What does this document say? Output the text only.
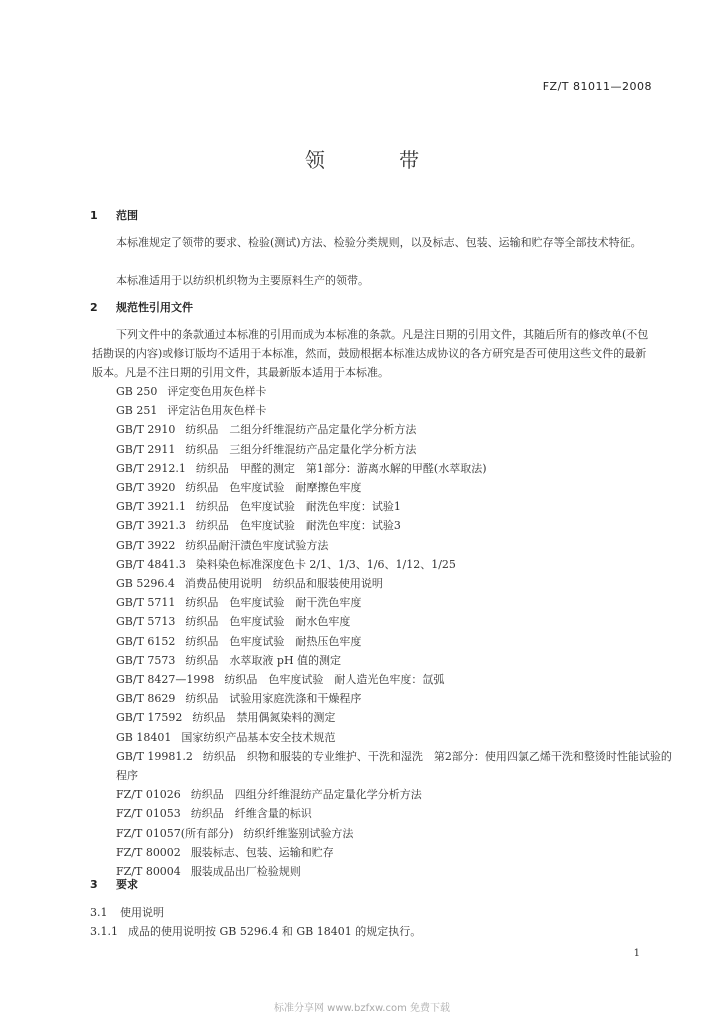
FZ/T 81011—2008
领 带
1 范围
本标准规定了领带的要求、检验(测试)方法、检验分类规则，以及标志、包装、运输和贮存等全部技术特征。
本标准适用于以纺织机织物为主要原料生产的领带。
2 规范性引用文件
下列文件中的条款通过本标准的引用而成为本标准的条款。凡是注日期的引用文件，其随后所有的修改单(不包括勘误的内容)或修订版均不适用于本标准，然而，鼓励根据本标准达成协议的各方研究是否可使用这些文件的最新版本。凡是不注日期的引用文件，其最新版本适用于本标准。
GB 250 评定变色用灰色样卡
GB 251 评定沾色用灰色样卡
GB/T 2910 纺织品　二组分纤维混纺产品定量化学分析方法
GB/T 2911 纺织品　三组分纤维混纺产品定量化学分析方法
GB/T 2912.1 纺织品　甲醛的测定　第1部分：游离水解的甲醛(水萃取法)
GB/T 3920 纺织品　色牢度试验　耐摩擦色牢度
GB/T 3921.1 纺织品　色牢度试验　耐洗色牢度：试验1
GB/T 3921.3 纺织品　色牢度试验　耐洗色牢度：试验3
GB/T 3922 纺织品耐汗渍色牢度试验方法
GB/T 4841.3 染料染色标准深度色卡 2/1、1/3、1/6、1/12、1/25
GB 5296.4 消费品使用说明　纺织品和服装使用说明
GB/T 5711 纺织品　色牢度试验　耐干洗色牢度
GB/T 5713 纺织品　色牢度试验　耐水色牢度
GB/T 6152 纺织品　色牢度试验　耐热压色牢度
GB/T 7573 纺织品　水萃取液 pH 值的测定
GB/T 8427—1998 纺织品　色牢度试验　耐人造光色牢度：氙弧
GB/T 8629 纺织品　试验用家庭洗涤和干燥程序
GB/T 17592 纺织品　禁用偶氮染料的测定
GB 18401 国家纺织产品基本安全技术规范
GB/T 19981.2 纺织品　织物和服装的专业维护、干洗和湿洗　第2部分：使用四氯乙烯干洗和整烫时性能试验的程序
FZ/T 01026 纺织品　四组分纤维混纺产品定量化学分析方法
FZ/T 01053 纺织品　纤维含量的标识
FZ/T 01057(所有部分) 纺织纤维鉴别试验方法
FZ/T 80002 服装标志、包装、运输和贮存
FZ/T 80004 服装成品出厂检验规则
3 要求
3.1 使用说明
3.1.1 成品的使用说明按 GB 5296.4 和 GB 18401 的规定执行。
1
标准分享网 www.bzfxw.com 免费下载
